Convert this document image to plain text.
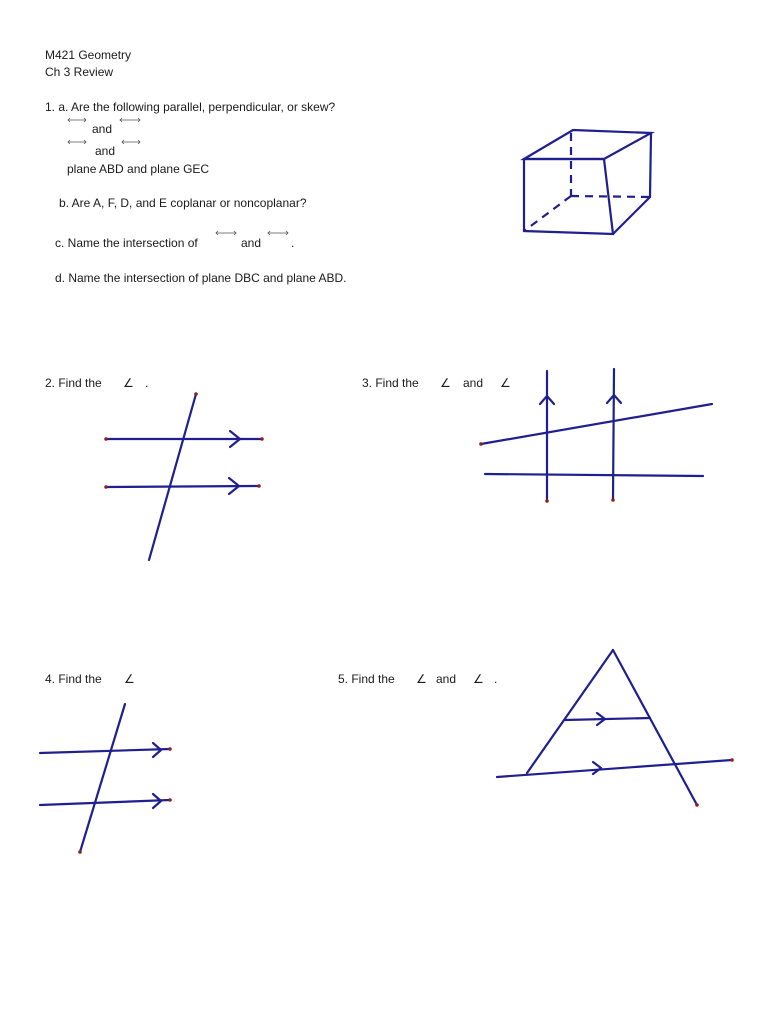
M421 Geometry
Ch 3 Review
1. a. Are the following parallel, perpendicular, or skew?
and
and
plane ABD and plane GEC
b. Are A, F, D, and E coplanar or noncoplanar?
c. Name the intersection of	and .
d. Name the intersection of plane DBC and plane ABD.
2. Find the ∠ .	3. Find the ∠ and ∠
4. Find the ∠	5. Find the ∠ and ∠ .
